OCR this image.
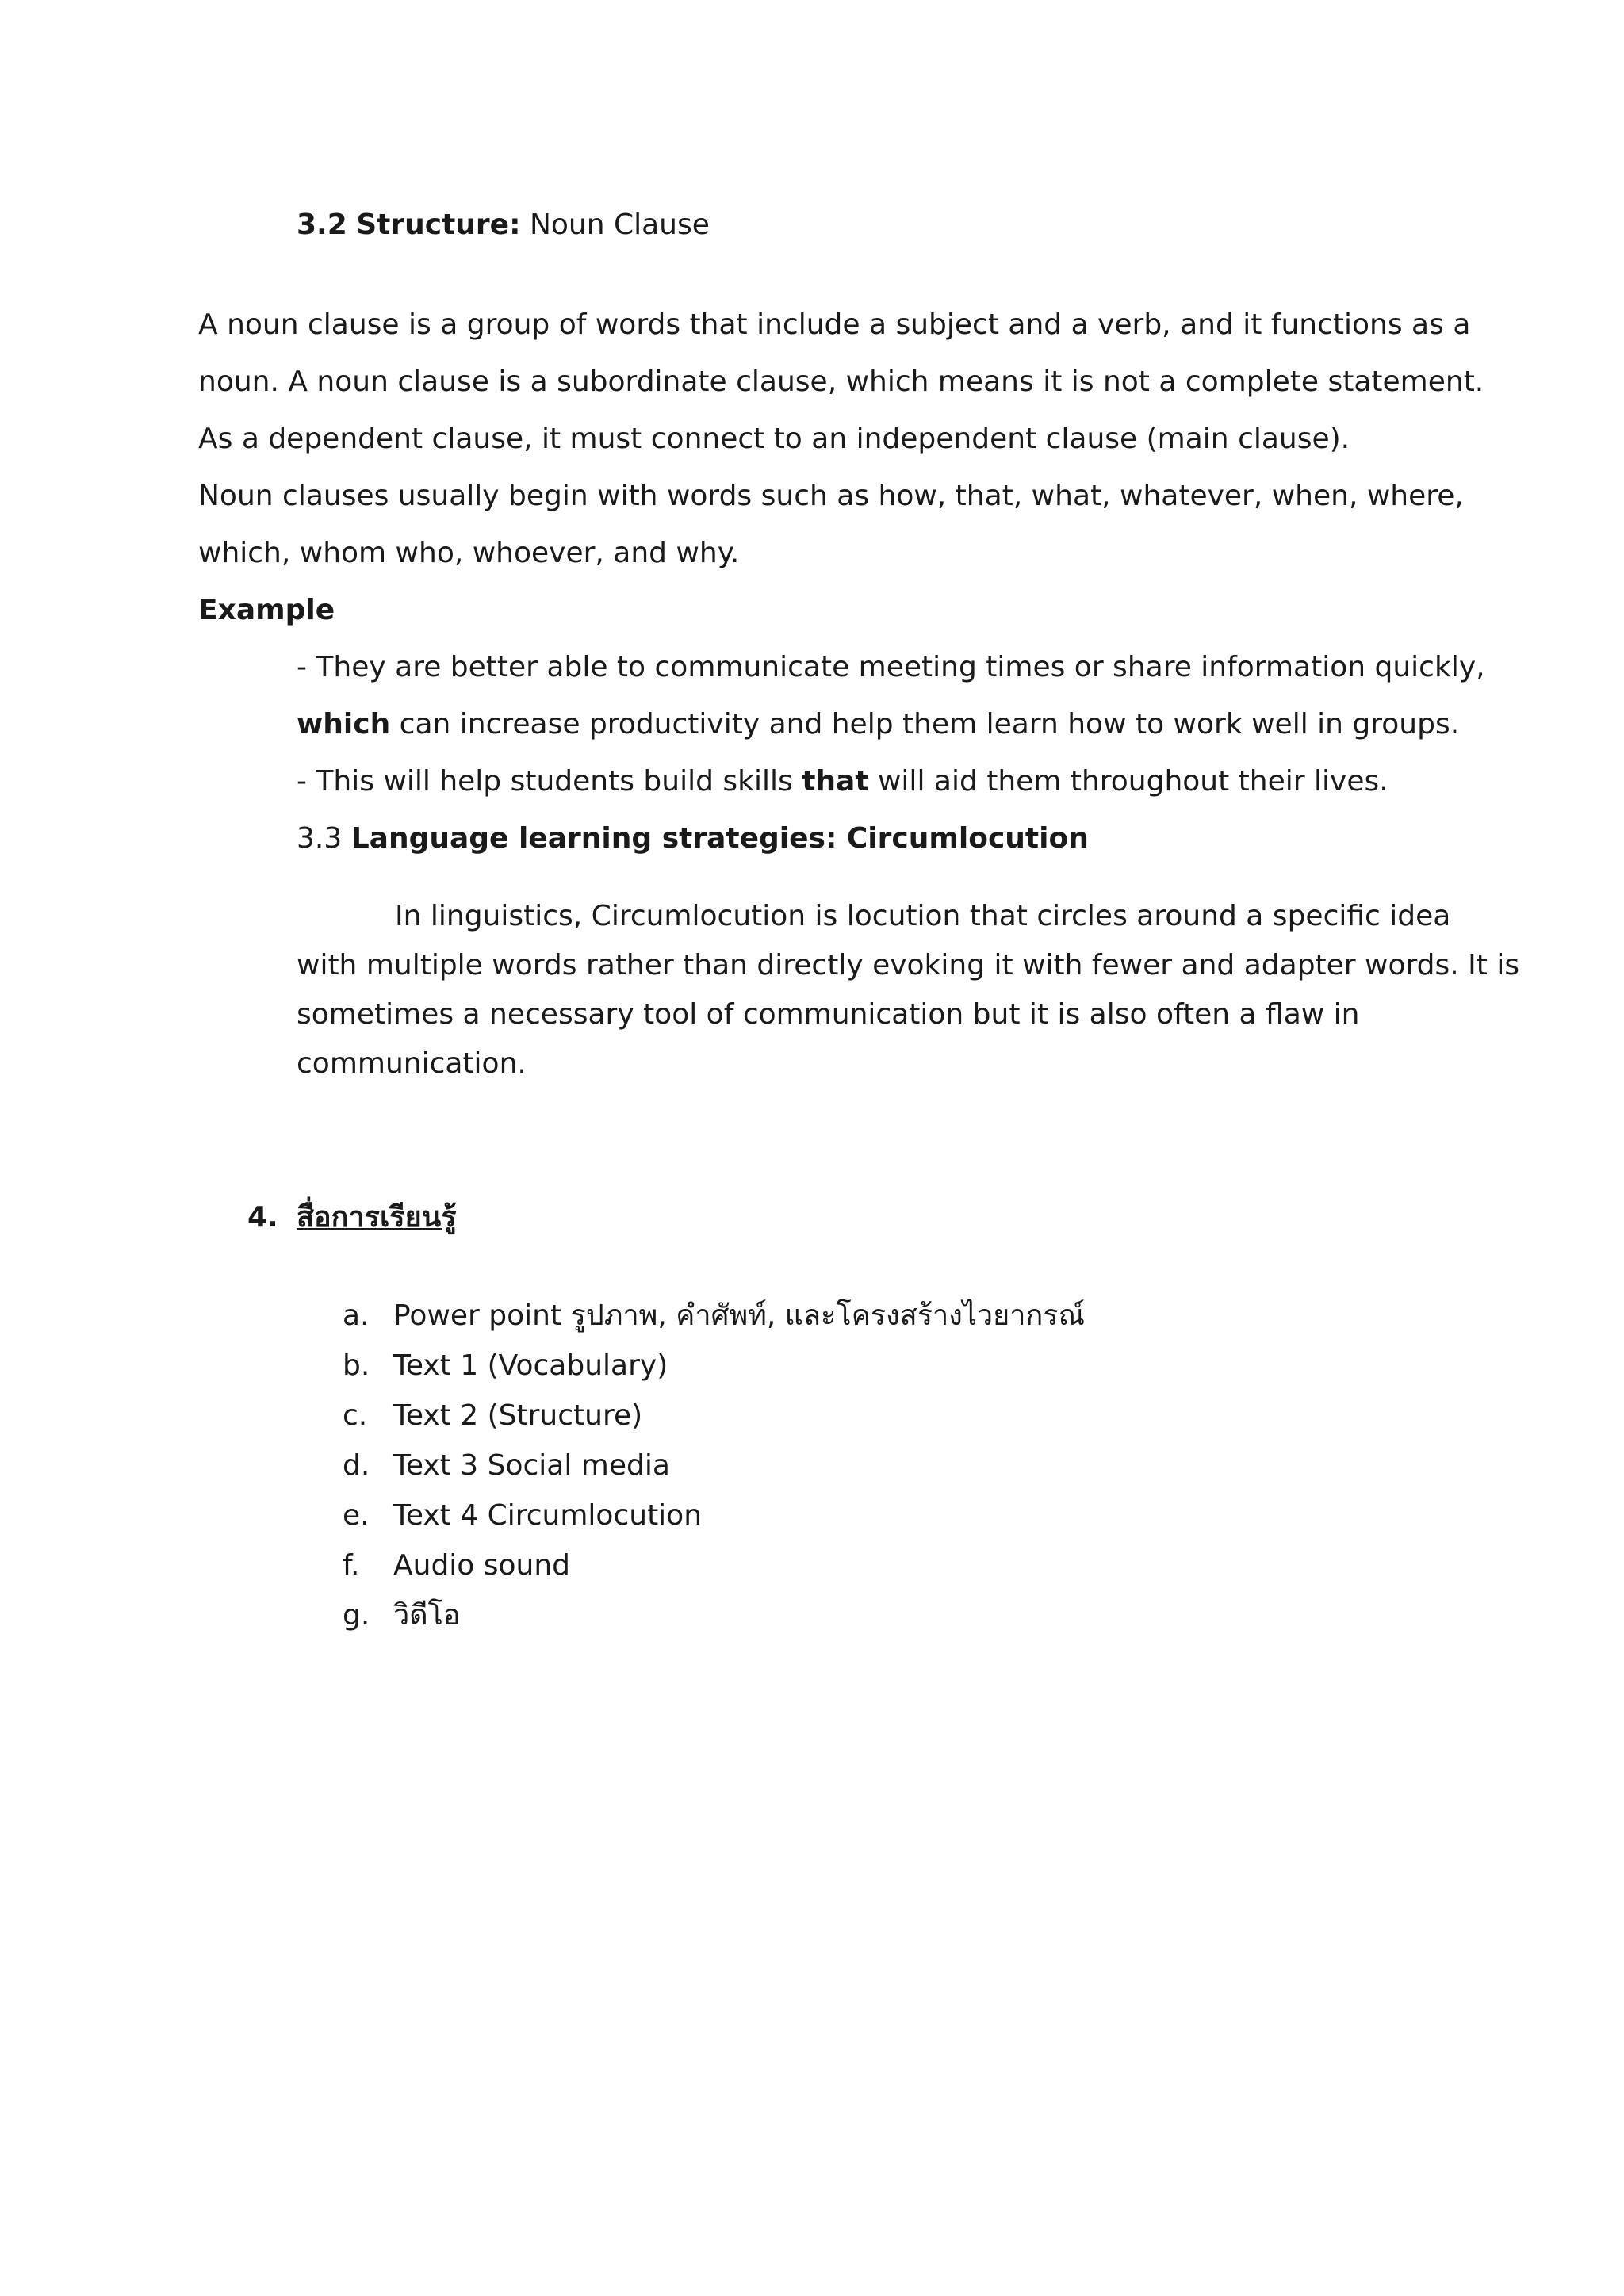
3.2 Structure: Noun Clause
A noun clause is a group of words that include a subject and a verb, and it functions as a
noun. A noun clause is a subordinate clause, which means it is not a complete statement.
As a dependent clause, it must connect to an independent clause (main clause).
Noun clauses usually begin with words such as how, that, what, whatever, when, where,
which, whom who, whoever, and why.
Example
- They are better able to communicate meeting times or share information quickly,
which can increase productivity and help them learn how to work well in groups.
- This will help students build skills that will aid them throughout their lives.
3.3 Language learning strategies: Circumlocution
In linguistics, Circumlocution is locution that circles around a specific idea
with multiple words rather than directly evoking it with fewer and adapter words. It is
sometimes a necessary tool of communication but it is also often a flaw in
communication.
4. สื่อการเรียนรู้
a. Power point รูปภาพ, คำศัพท์, และโครงสร้างไวยากรณ์
b. Text 1 (Vocabulary)
c. Text 2 (Structure)
d. Text 3 Social media
e. Text 4 Circumlocution
f. Audio sound
g. วิดีโอ
